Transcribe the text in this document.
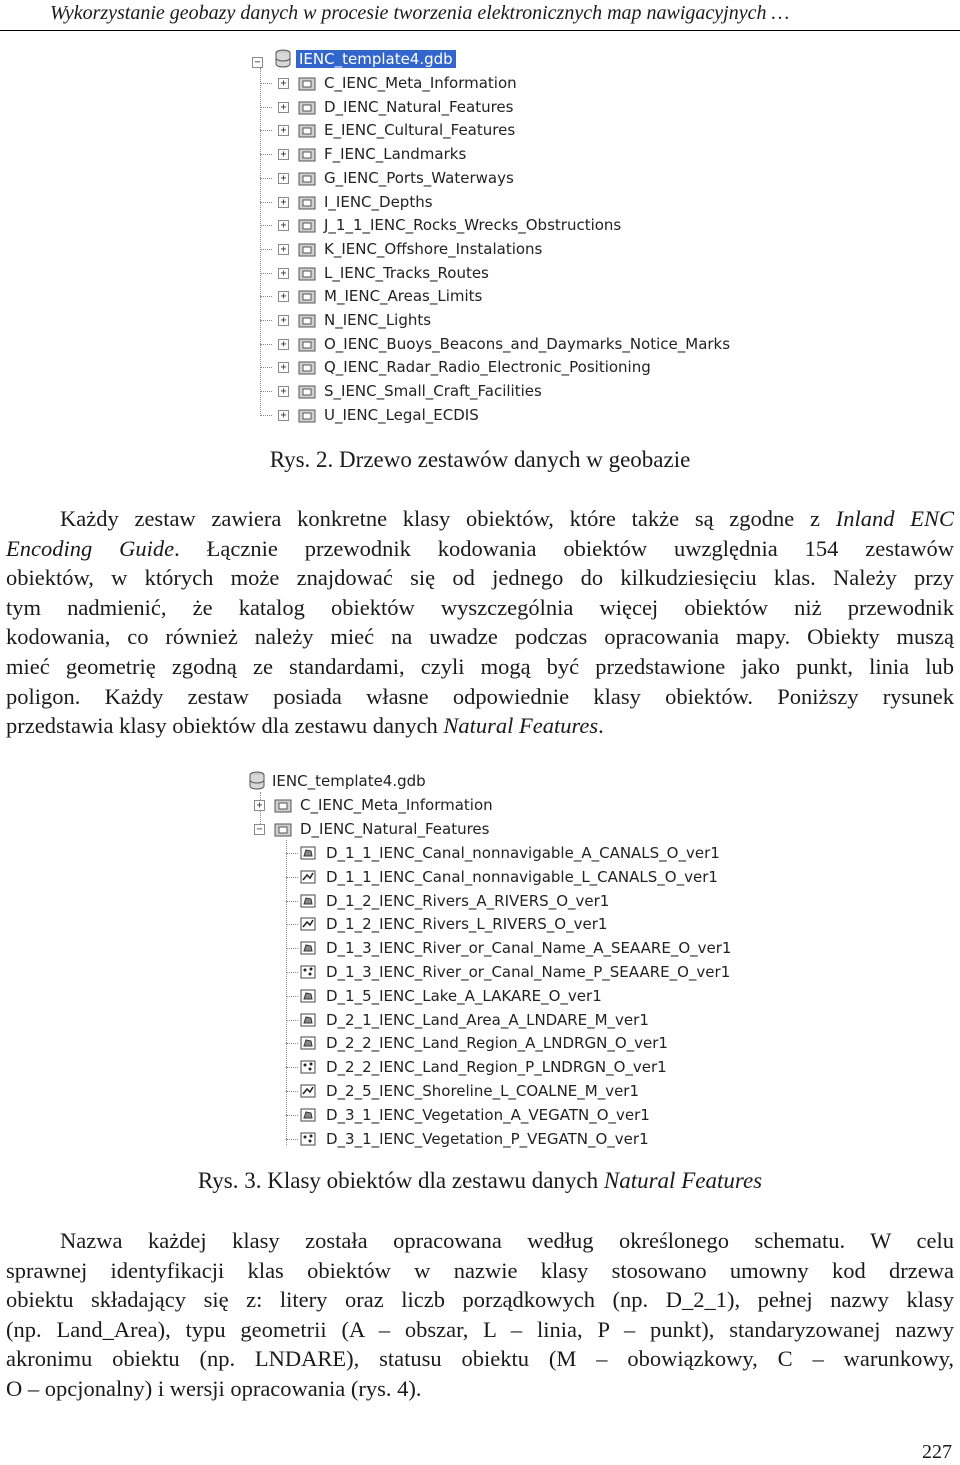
Wykorzystanie geobazy danych w procesie tworzenia elektronicznych map nawigacyjnych …
−	IENC_template4.gdb
+ C_IENC_Meta_Information
+ D_IENC_Natural_Features
+ E_IENC_Cultural_Features
+ F_IENC_Landmarks
+ G_IENC_Ports_Waterways
+ I_IENC_Depths
+ J_1_1_IENC_Rocks_Wrecks_Obstructions
+ K_IENC_Offshore_Instalations
+ L_IENC_Tracks_Routes
+ M_IENC_Areas_Limits
+ N_IENC_Lights
+ O_IENC_Buoys_Beacons_and_Daymarks_Notice_Marks
+ Q_IENC_Radar_Radio_Electronic_Positioning
+ S_IENC_Small_Craft_Facilities
+ U_IENC_Legal_ECDIS
Rys. 2. Drzewo zestawów danych w geobazie
Każdy zestaw zawiera konkretne klasy obiektów, które także są zgodne z Inland ENC
Encoding Guide. Łącznie przewodnik kodowania obiektów uwzględnia 154 zestawów
obiektów, w których może znajdować się od jednego do kilkudziesięciu klas. Należy przy
tym nadmienić, że katalog obiektów wyszczególnia więcej obiektów niż przewodnik
kodowania, co również należy mieć na uwadze podczas opracowania mapy. Obiekty muszą
mieć geometrię zgodną ze standardami, czyli mogą być przedstawione jako punkt, linia lub
poligon. Każdy zestaw posiada własne odpowiednie klasy obiektów. Poniższy rysunek
przedstawia klasy obiektów dla zestawu danych Natural Features.
IENC_template4.gdb
+ C_IENC_Meta_Information
− D_IENC_Natural_Features
D_1_1_IENC_Canal_nonnavigable_A_CANALS_O_ver1
D_1_1_IENC_Canal_nonnavigable_L_CANALS_O_ver1
D_1_2_IENC_Rivers_A_RIVERS_O_ver1
D_1_2_IENC_Rivers_L_RIVERS_O_ver1
D_1_3_IENC_River_or_Canal_Name_A_SEAARE_O_ver1
D_1_3_IENC_River_or_Canal_Name_P_SEAARE_O_ver1
D_1_5_IENC_Lake_A_LAKARE_O_ver1
D_2_1_IENC_Land_Area_A_LNDARE_M_ver1
D_2_2_IENC_Land_Region_A_LNDRGN_O_ver1
D_2_2_IENC_Land_Region_P_LNDRGN_O_ver1
D_2_5_IENC_Shoreline_L_COALNE_M_ver1
D_3_1_IENC_Vegetation_A_VEGATN_O_ver1
D_3_1_IENC_Vegetation_P_VEGATN_O_ver1
Rys. 3. Klasy obiektów dla zestawu danych Natural Features
Nazwa każdej klasy została opracowana według określonego schematu. W celu
sprawnej identyfikacji klas obiektów w nazwie klasy stosowano umowny kod drzewa
obiektu składający się z: litery oraz liczb porządkowych (np. D_2_1), pełnej nazwy klasy
(np. Land_Area), typu geometrii (A – obszar, L – linia, P – punkt), standaryzowanej nazwy
akronimu obiektu (np. LNDARE), statusu obiektu (M – obowiązkowy, C – warunkowy,
O – opcjonalny) i wersji opracowania (rys. 4).
227
